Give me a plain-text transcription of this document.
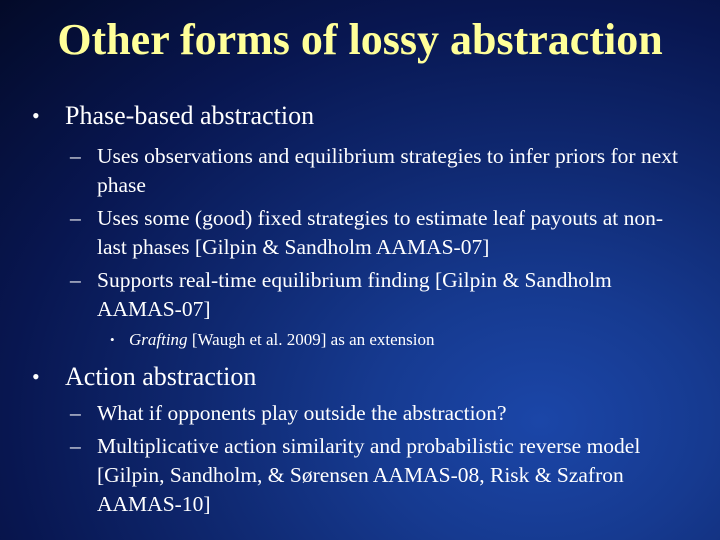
Other forms of lossy abstraction
• Phase-based abstraction
– Uses observations and equilibrium strategies to infer priors for next phase
– Uses some (good) fixed strategies to estimate leaf payouts at non-last phases [Gilpin & Sandholm AAMAS-07]
– Supports real-time equilibrium finding [Gilpin & Sandholm AAMAS-07]
• Grafting [Waugh et al. 2009] as an extension
• Action abstraction
– What if opponents play outside the abstraction?
– Multiplicative action similarity and probabilistic reverse model [Gilpin, Sandholm, & Sørensen AAMAS-08, Risk & Szafron AAMAS-10]
